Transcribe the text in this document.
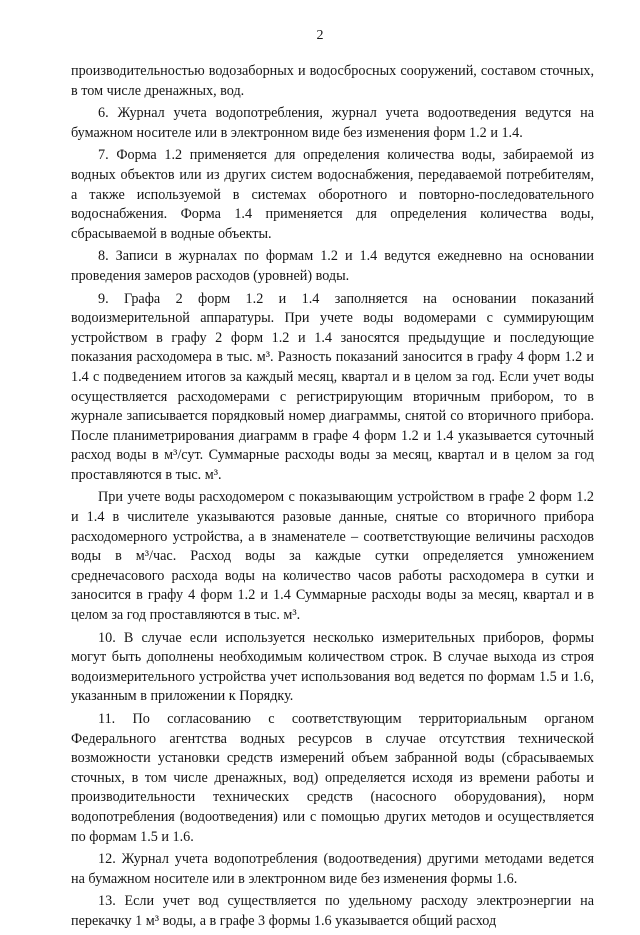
2

производительностью водозаборных и водосбросных сооружений, составом сточных, в том числе дренажных, вод.

6. Журнал учета водопотребления, журнал учета водоотведения ведутся на бумажном носителе или в электронном виде без изменения форм 1.2 и 1.4.

7. Форма 1.2 применяется для определения количества воды, забираемой из водных объектов или из других систем водоснабжения, передаваемой потребителям, а также используемой в системах оборотного и повторно-последовательного водоснабжения. Форма 1.4 применяется для определения количества воды, сбрасываемой в водные объекты.

8. Записи в журналах по формам 1.2 и 1.4 ведутся ежедневно на основании проведения замеров расходов (уровней) воды.

9. Графа 2 форм 1.2 и 1.4 заполняется на основании показаний водоизмерительной аппаратуры. При учете воды водомерами с суммирующим устройством в графу 2 форм 1.2 и 1.4 заносятся предыдущие и последующие показания расходомера в тыс. м³. Разность показаний заносится в графу 4 форм 1.2 и 1.4 с подведением итогов за каждый месяц, квартал и в целом за год. Если учет воды осуществляется расходомерами с регистрирующим вторичным прибором, то в журнале записывается порядковый номер диаграммы, снятой со вторичного прибора. После планиметрирования диаграмм в графе 4 форм 1.2 и 1.4 указывается суточный расход воды в м³/сут. Суммарные расходы воды за месяц, квартал и в целом за год проставляются в тыс. м³.

При учете воды расходомером с показывающим устройством в графе 2 форм 1.2 и 1.4 в числителе указываются разовые данные, снятые со вторичного прибора расходомерного устройства, а в знаменателе – соответствующие величины расходов воды в м³/час. Расход воды за каждые сутки определяется умножением среднечасового расхода воды на количество часов работы расходомера в сутки и заносится в графу 4 форм 1.2 и 1.4 Суммарные расходы воды за месяц, квартал и в целом за год проставляются в тыс. м³.

10. В случае если используется несколько измерительных приборов, формы могут быть дополнены необходимым количеством строк. В случае выхода из строя водоизмерительного устройства учет использования вод ведется по формам 1.5 и 1.6, указанным в приложении к Порядку.

11. По согласованию с соответствующим территориальным органом Федерального агентства водных ресурсов в случае отсутствия технической возможности установки средств измерений объем забранной воды (сбрасываемых сточных, в том числе дренажных, вод) определяется исходя из времени работы и производительности технических средств (насосного оборудования), норм водопотребления (водоотведения) или с помощью других методов и осуществляется по формам 1.5 и 1.6.

12. Журнал учета водопотребления (водоотведения) другими методами ведется на бумажном носителе или в электронном виде без изменения формы 1.6.

13. Если учет вод существляется по удельному расходу электроэнергии на перекачку 1 м³ воды, а в графе 3 формы 1.6 указывается общий расход
